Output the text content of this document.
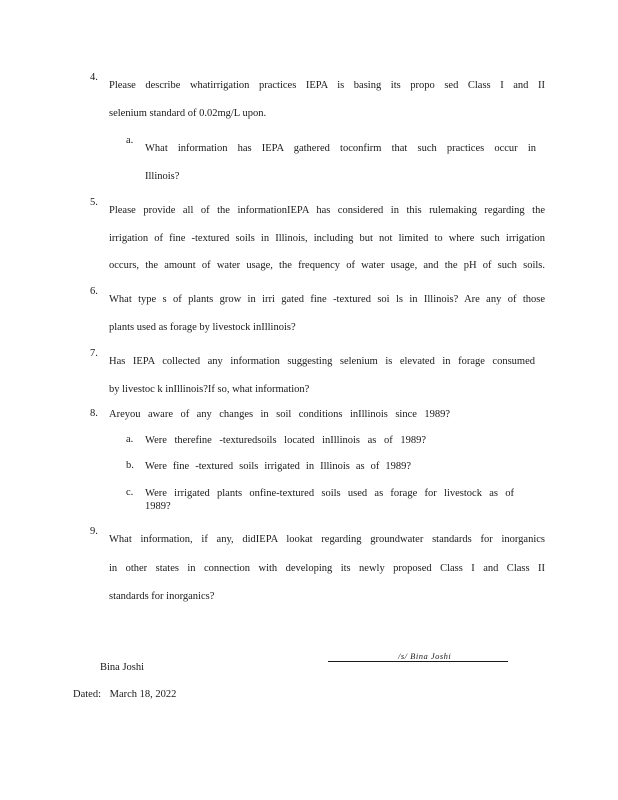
4.
Please describe whatirrigation practices IEPA is basing its propo sed Class I and II
selenium standard of 0.02mg/L upon.
a.
What information has IEPA gathered toconfirm that such practices occur in
Illinois?
5.
Please provide all of the informationIEPA has considered in this rulemaking regarding the
irrigation of fine -textured soils in Illinois, including but not limited to where such irrigation
occurs, the amount of water usage, the frequency of water usage, and the pH of such soils.
6.
What type s of plants grow in irri gated fine -textured soi ls in Illinois? Are any of those
plants used as forage by livestock inIllinois?
7.
Has IEPA collected any information suggesting selenium is elevated in forage consumed
by livestoc k inIllinois?If so, what information?
8.	Areyou aware of any changes in soil conditions inIllinois since 1989?
a.	Were therefine -texturedsoils located inIllinois as of 1989?
b.	Were fine -textured soils irrigated in Illinois as of 1989?
c.	Were irrigated plants onfine-textured soils used as forage for livestock as of
1989?
9.
What information, if any, didIEPA lookat regarding groundwater standards for inorganics
in other states in connection with developing its newly proposed Class I and Class II
standards for inorganics?
/s/ Bina Joshi
Bina Joshi
Dated: March 18, 2022
